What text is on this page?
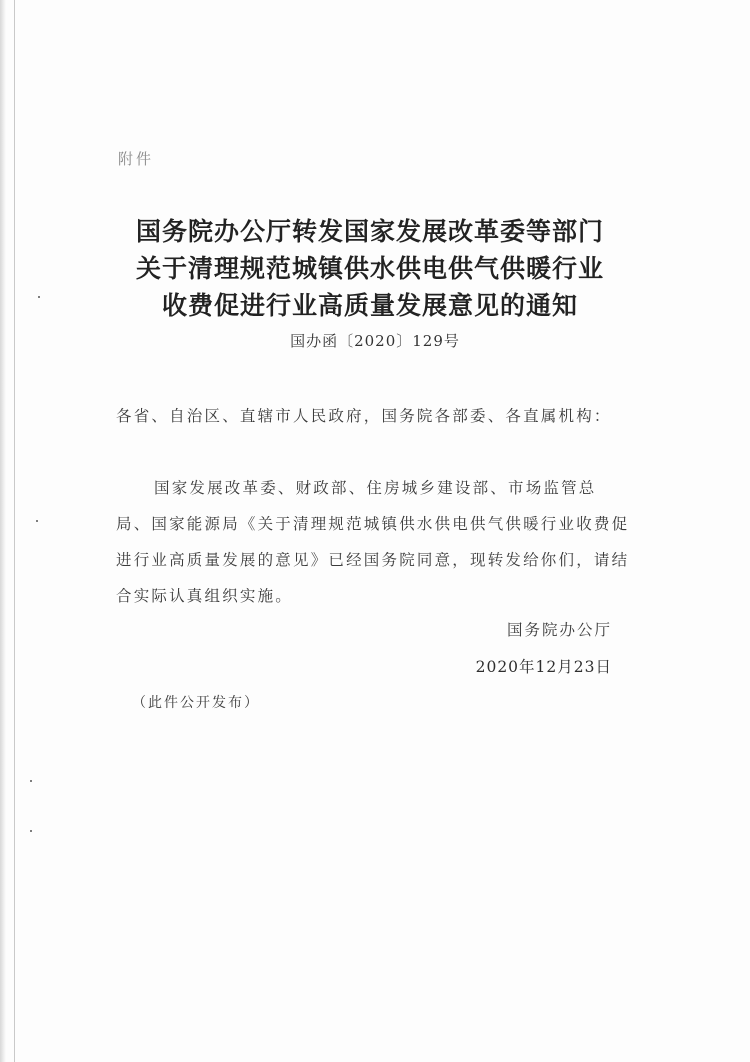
附件
国务院办公厅转发国家发展改革委等部门
关于清理规范城镇供水供电供气供暖行业
收费促进行业高质量发展意见的通知
国办函〔2020〕129号
各省、自治区、直辖市人民政府，国务院各部委、各直属机构：
国家发展改革委、财政部、住房城乡建设部、市场监管总局、国家能源局《关于清理规范城镇供水供电供气供暖行业收费促进行业高质量发展的意见》已经国务院同意，现转发给你们，请结合实际认真组织实施。
国务院办公厅
2020年12月23日
（此件公开发布）
